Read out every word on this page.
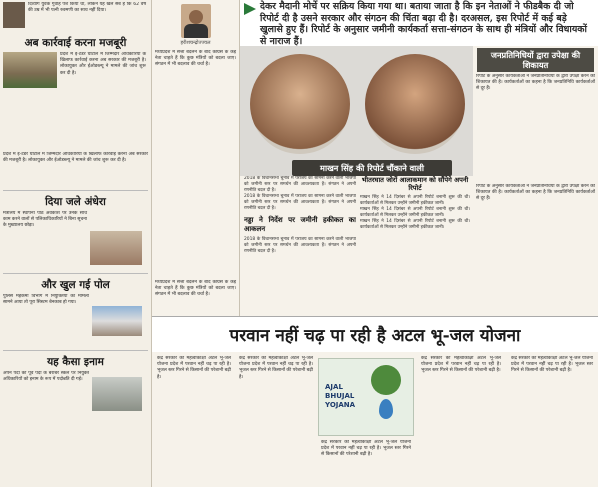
दिव्यांग युवक गुवाह पेश किया था, लेकिन यह खेल सब है कि 62 वर्ष की उम्र में भी पत्नी रुक्मणी का साथ नहीं दिया।
अब कार्रवाई करना मजबूरी
प्रदेश में ई-टेंडर घोटाले में जिम्मेदार अधिकारियों के खिलाफ कार्रवाई करना अब सरकार की मजबूरी है। लोकायुक्त और ईओडब्ल्यू ने मामले की जांच शुरू कर दी है।
प्रदेश में ई-टेंडर घोटाले में जिम्मेदार अधिकारियों के खिलाफ कार्रवाई करना अब सरकार की मजबूरी है। लोकायुक्त और ईओडब्ल्यू ने मामले की जांच शुरू कर दी है।
दिया जले अंधेरा
मंत्रालय में स्थापना पाठ अवकाश पर उनके साथ काम करने वालों से पलिकाधिकारियों ने बिना सूचना के मुख्यालय छोड़ा।
और खुल गई पोल
पुलिस महकमा विभाग में नियुक्तियों का मामला सामने आया तो पूरा सिस्टम बेनकाब हो गया।
यह कैसा इनाम
अपने पदों को पूर्व पदों के बराबर स्केल पर नियुक्त अधिकारियों को इनाम के रूप में पदोन्नति दी गई।
हरीशचन्द्रोज्ज्वल
मध्यप्रदेश में सत्ता बदलने के बाद कांग्रेस के कई नेता चाहते हैं कि कुछ मंत्रियों को बदला जाए। संगठन में भी बदलाव की चर्चा है।
मध्यप्रदेश में सत्ता बदलने के बाद कांग्रेस के कई नेता चाहते हैं कि कुछ मंत्रियों को बदला जाए। संगठन में भी बदलाव की चर्चा है।
देकर मैदानी मोर्चे पर सक्रिय किया गया था। बताया जाता है कि इन नेताओं ने फीडबैक दी जो रिपोर्ट दी है उसने सरकार और संगठन की चिंता बढ़ा दी है। दरअसल, इस रिपोर्ट में कई बड़े खुलासे हुए हैं। रिपोर्ट के अनुसार जमीनी कार्यकर्ता सत्ता-संगठन के साथ ही मंत्रियों और विधायकों से नाराज हैं।
माखन सिंह की रिपोर्ट चौंकाने वाली
जनप्रतिनिधियों द्वारा उपेक्षा की शिकायत
रिपोर्ट के अनुसार कार्यकर्ताओं ने जनप्रतिनिधियों के द्वारा उपेक्षा करने की शिकायत की है। कार्यकर्ताओं का कहना है कि जनप्रतिनिधि कार्यकर्ताओं से दूर हैं।
रिपोर्ट के अनुसार कार्यकर्ताओं ने जनप्रतिनिधियों के द्वारा उपेक्षा करने की शिकायत की है। कार्यकर्ताओं का कहना है कि जनप्रतिनिधि कार्यकर्ताओं से दूर हैं।
2018 के विधानसभा चुनाव में पराजय का सामना करने वाली भाजपा को जमीनी स्तर पर समर्थन की आवश्यकता है। संगठन ने अपनी रणनीति बदल दी है।
2018 के विधानसभा चुनाव में पराजय का सामना करने वाली भाजपा को जमीनी स्तर पर समर्थन की आवश्यकता है। संगठन ने अपनी रणनीति बदल दी है।
नड्डा ने निर्देश पर जमीनी हकीकत का आकलन
2018 के विधानसभा चुनाव में पराजय का सामना करने वाली भाजपा को जमीनी स्तर पर समर्थन की आवश्यकता है। संगठन ने अपनी रणनीति बदल दी है।
भीतरघात जोरों आलाकमान को सौंपेगे अपनी रिपोर्ट
माखन सिंह ने 14 दिसंबर से अपनी रिपोर्ट बनानी शुरू की थी। कार्यकर्ताओं से मिलकर उन्होंने जमीनी हकीकत जानी।
माखन सिंह ने 14 दिसंबर से अपनी रिपोर्ट बनानी शुरू की थी। कार्यकर्ताओं से मिलकर उन्होंने जमीनी हकीकत जानी।
माखन सिंह ने 14 दिसंबर से अपनी रिपोर्ट बनानी शुरू की थी। कार्यकर्ताओं से मिलकर उन्होंने जमीनी हकीकत जानी।
परवान नहीं चढ़ पा रही है अटल भू-जल योजना
केंद्र सरकार की महत्वाकांक्षी अटल भू-जल योजना प्रदेश में परवान नहीं चढ़ पा रही है। भूजल स्तर गिरने से किसानों की परेशानी बढ़ी है।
केंद्र सरकार की महत्वाकांक्षी अटल भू-जल योजना प्रदेश में परवान नहीं चढ़ पा रही है। भूजल स्तर गिरने से किसानों की परेशानी बढ़ी है।
AJAL
BHUJAL
YOJANA
केंद्र सरकार की महत्वाकांक्षी अटल भू-जल योजना प्रदेश में परवान नहीं चढ़ पा रही है। भूजल स्तर गिरने से किसानों की परेशानी बढ़ी है।
केंद्र सरकार की महत्वाकांक्षी अटल भू-जल योजना प्रदेश में परवान नहीं चढ़ पा रही है। भूजल स्तर गिरने से किसानों की परेशानी बढ़ी है।
केंद्र सरकार की महत्वाकांक्षी अटल भू-जल योजना प्रदेश में परवान नहीं चढ़ पा रही है। भूजल स्तर गिरने से किसानों की परेशानी बढ़ी है।
